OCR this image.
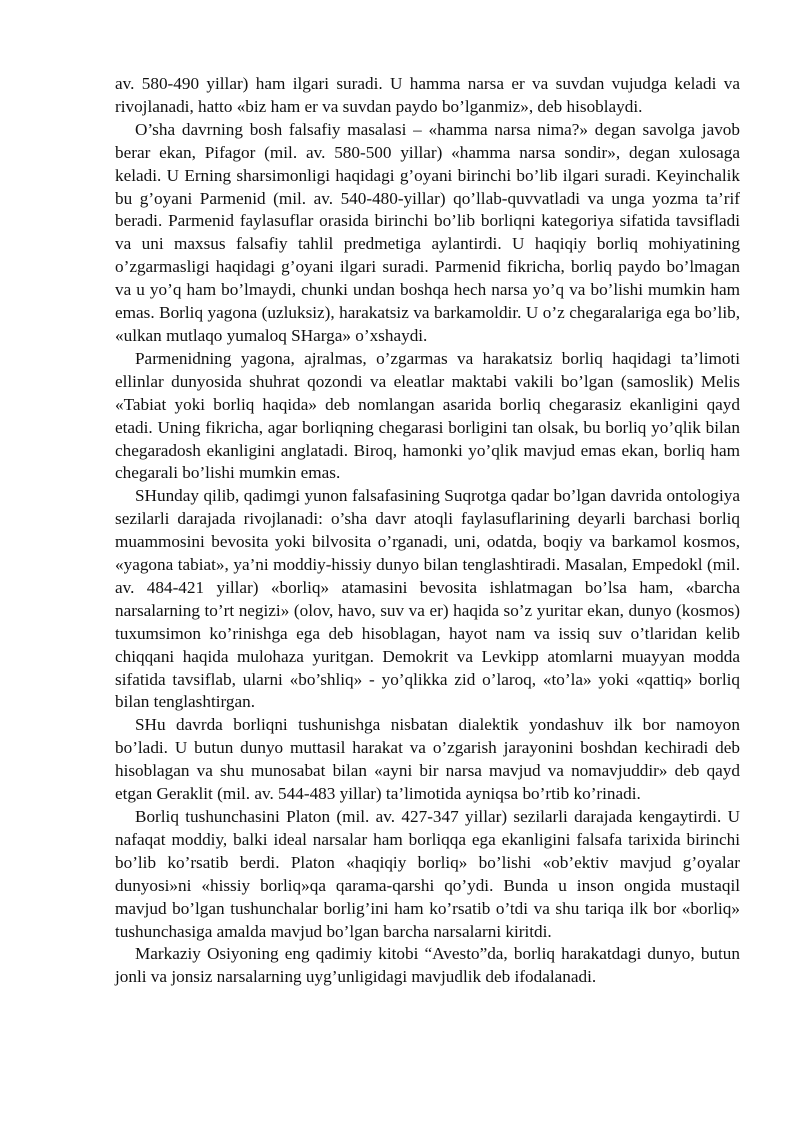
av. 580-490 yillar) ham ilgari suradi. U hamma narsa er va suvdan vujudga keladi va rivojlanadi, hatto «biz ham er va suvdan paydo bo’lganmiz», deb hisoblaydi.

O’sha davrning bosh falsafiy masalasi – «hamma narsa nima?» degan savolga javob berar ekan, Pifagor (mil. av. 580-500 yillar) «hamma narsa sondir», degan xulosaga keladi. U Erning sharsimonligi haqidagi g’oyani birinchi bo’lib ilgari suradi. Keyinchalik bu g’oyani Parmenid (mil. av. 540-480-yillar) qo’llab-quvvatladi va unga yozma ta’rif beradi. Parmenid faylasuflar orasida birinchi bo’lib borliqni kategoriya sifatida tavsifladi va uni maxsus falsafiy tahlil predmetiga aylantirdi. U haqiqiy borliq mohiyatining o’zgarmasligi haqidagi g’oyani ilgari suradi. Parmenid fikricha, borliq paydo bo’lmagan va u yo’q ham bo’lmaydi, chunki undan boshqa hech narsa yo’q va bo’lishi mumkin ham emas. Borliq yagona (uzluksiz), harakatsiz va barkamoldir. U o’z chegaralariga ega bo’lib, «ulkan mutlaqo yumaloq SHarga» o’xshaydi.

Parmenidning yagona, ajralmas, o’zgarmas va harakatsiz borliq haqidagi ta’limoti ellinlar dunyosida shuhrat qozondi va eleatlar maktabi vakili bo’lgan (samoslik) Melis «Tabiat yoki borliq haqida» deb nomlangan asarida borliq chegarasiz ekanligini qayd etadi. Uning fikricha, agar borliqning chegarasi borligini tan olsak, bu borliq yo’qlik bilan chegaradosh ekanligini anglatadi. Biroq, hamonki yo’qlik mavjud emas ekan, borliq ham chegarali bo’lishi mumkin emas.

SHunday qilib, qadimgi yunon falsafasining Suqrotga qadar bo’lgan davrida ontologiya sezilarli darajada rivojlanadi: o’sha davr atoqli faylasuflarining deyarli barchasi borliq muammosini bevosita yoki bilvosita o’rganadi, uni, odatda, boqiy va barkamol kosmos, «yagona tabiat», ya’ni moddiy-hissiy dunyo bilan tenglashtiradi. Masalan, Empedokl (mil. av. 484-421 yillar) «borliq» atamasini bevosita ishlatmagan bo’lsa ham, «barcha narsalarning to’rt negizi» (olov, havo, suv va er) haqida so’z yuritar ekan, dunyo (kosmos) tuxumsimon ko’rinishga ega deb hisoblagan, hayot nam va issiq suv o’tlaridan kelib chiqqani haqida mulohaza yuritgan. Demokrit va Levkipp atomlarni muayyan modda sifatida tavsiflab, ularni «bo’shliq» - yo’qlikka zid o’laroq, «to’la» yoki «qattiq» borliq bilan tenglashtirgan.

SHu davrda borliqni tushunishga nisbatan dialektik yondashuv ilk bor namoyon bo’ladi. U butun dunyo muttasil harakat va o’zgarish jarayonini boshdan kechiradi deb hisoblagan va shu munosabat bilan «ayni bir narsa mavjud va nomavjuddir» deb qayd etgan Geraklit (mil. av. 544-483 yillar) ta’limotida ayniqsa bo’rtib ko’rinadi.

Borliq tushunchasini Platon (mil. av. 427-347 yillar) sezilarli darajada kengaytirdi. U nafaqat moddiy, balki ideal narsalar ham borliqqa ega ekanligini falsafa tarixida birinchi bo’lib ko’rsatib berdi. Platon «haqiqiy borliq» bo’lishi «ob’ektiv mavjud g’oyalar dunyosi»ni «hissiy borliq»qa qarama-qarshi qo’ydi. Bunda u inson ongida mustaqil mavjud bo’lgan tushunchalar borlig’ini ham ko’rsatib o’tdi va shu tariqa ilk bor «borliq» tushunchasiga amalda mavjud bo’lgan barcha narsalarni kiritdi.

Markaziy Osiyoning eng qadimiy kitobi “Avesto”da, borliq harakatdagi dunyo, butun jonli va jonsiz narsalarning uyg’unligidagi mavjudlik deb ifodalanadi.
